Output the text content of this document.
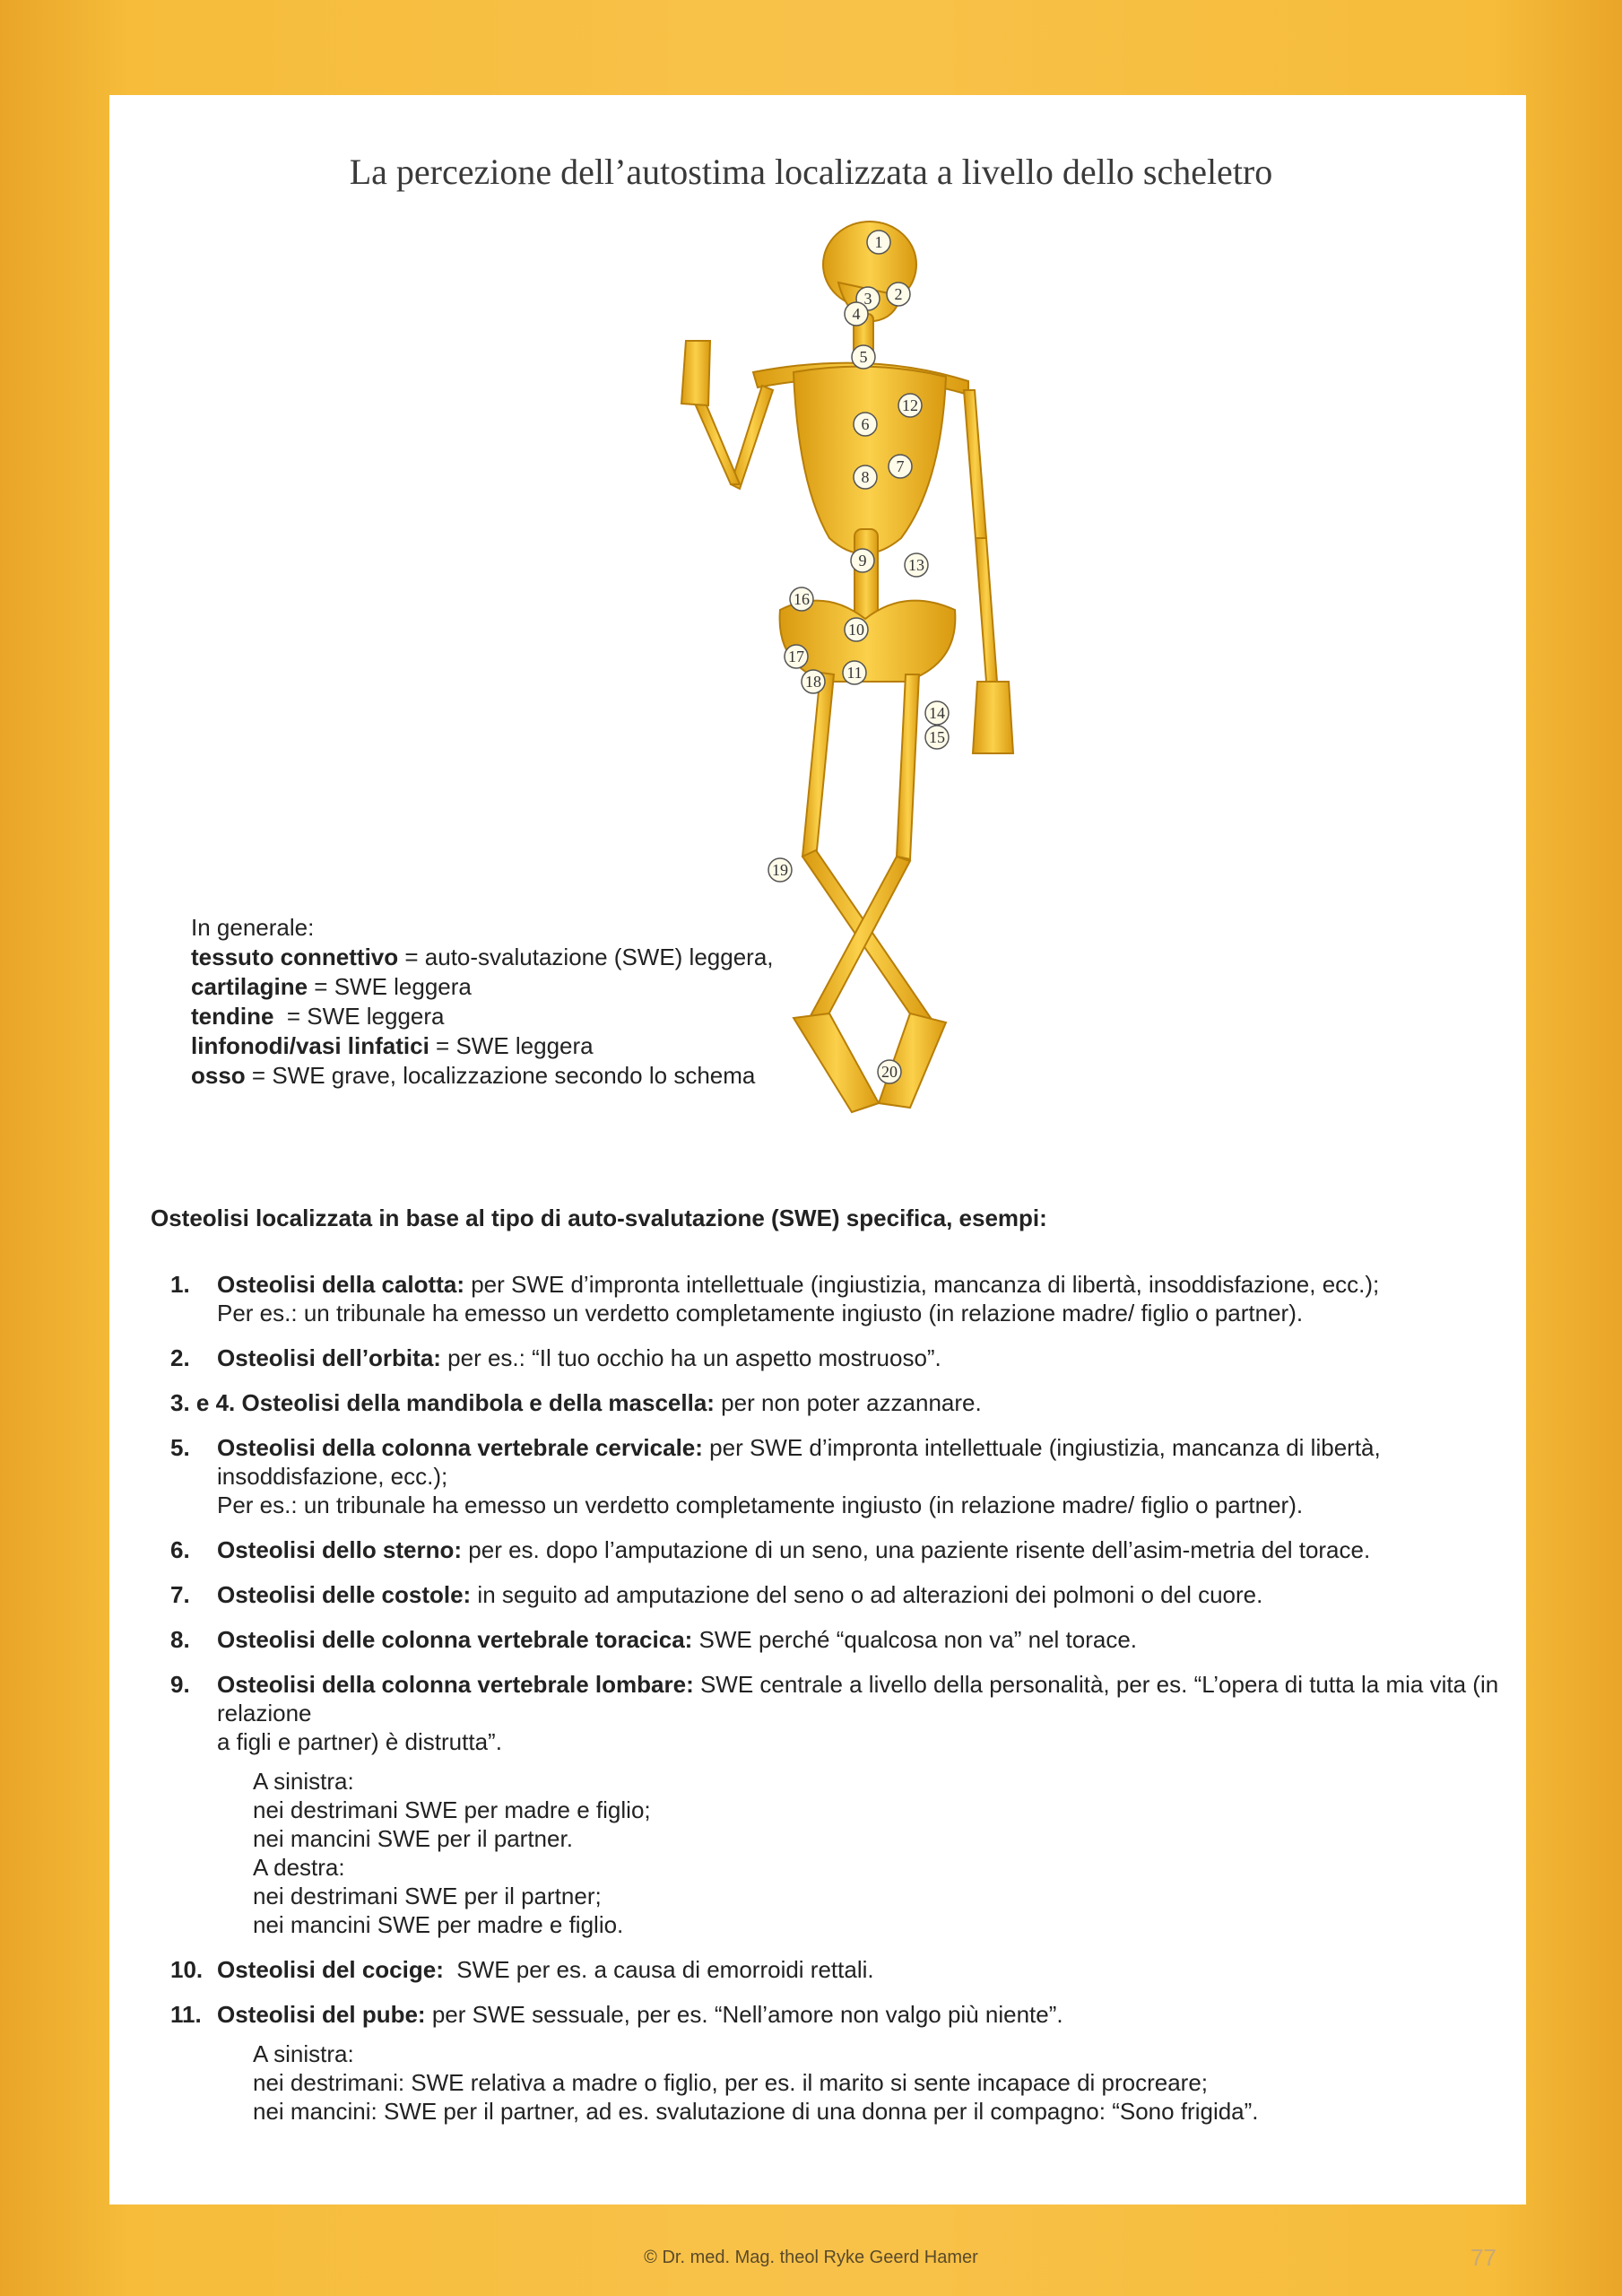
La percezione dell’autostima localizzata a livello dello scheletro
1
2
3
4
5
6
7
8
9
10
11
12
13
14
15
16
17
18
19
20
In generale:
tessuto connettivo = auto-svalutazione (SWE) leggera,
cartilagine = SWE leggera
tendine  = SWE leggera
linfonodi/vasi linfatici = SWE leggera
osso = SWE grave, localizzazione secondo lo schema
Osteolisi localizzata in base al tipo di auto-svalutazione (SWE) specifica, esempi:
1. Osteolisi della calotta: per SWE d’impronta intellettuale (ingiustizia, mancanza di libertà, insoddisfazione, ecc.);
Per es.: un tribunale ha emesso un verdetto completamente ingiusto (in relazione madre/ figlio o partner).
2. Osteolisi dell’orbita: per es.: “Il tuo occhio ha un aspetto mostruoso”.
3. e 4. Osteolisi della mandibola e della mascella: per non poter azzannare.
5. Osteolisi della colonna vertebrale cervicale: per SWE d’impronta intellettuale (ingiustizia, mancanza di libertà, insoddisfazione, ecc.);
Per es.: un tribunale ha emesso un verdetto completamente ingiusto (in relazione madre/ figlio o partner).
6. Osteolisi dello sterno: per es. dopo l’amputazione di un seno, una paziente risente dell’asim-metria del torace.
7. Osteolisi delle costole: in seguito ad amputazione del seno o ad alterazioni dei polmoni o del cuore.
8. Osteolisi delle colonna vertebrale toracica: SWE perché “qualcosa non va” nel torace.
9. Osteolisi della colonna vertebrale lombare: SWE centrale a livello della personalità, per es. “L’opera di tutta la mia vita (in relazione
a figli e partner) è distrutta”.
A sinistra:
nei destrimani SWE per madre e figlio;
nei mancini SWE per il partner.
A destra:
nei destrimani SWE per il partner;
nei mancini SWE per madre e figlio.
10. Osteolisi del cocige:  SWE per es. a causa di emorroidi rettali.
11. Osteolisi del pube: per SWE sessuale, per es. “Nell’amore non valgo più niente”.
A sinistra:
nei destrimani: SWE relativa a madre o figlio, per es. il marito si sente incapace di procreare;
nei mancini: SWE per il partner, ad es. svalutazione di una donna per il compagno: “Sono frigida”.
© Dr. med. Mag. theol Ryke Geerd Hamer	77
